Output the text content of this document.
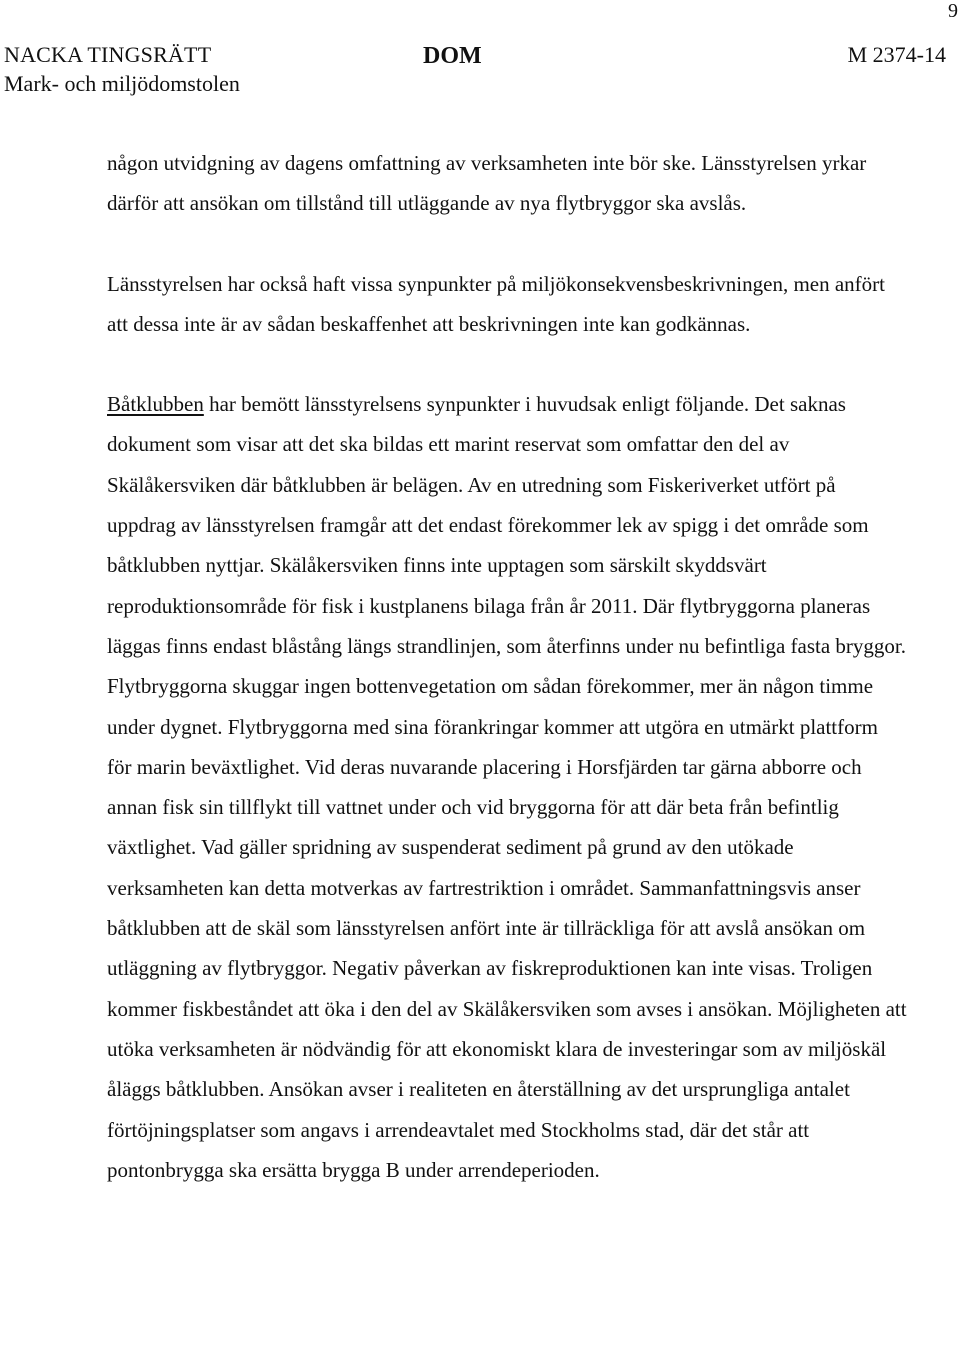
9
NACKA TINGSRÄTT
Mark- och miljödomstolen
DOM	M 2374-14

någon utvidgning av dagens omfattning av verksamheten inte bör ske. Länsstyrelsen yrkar därför att ansökan om tillstånd till utläggande av nya flytbryggor ska avslås.

Länsstyrelsen har också haft vissa synpunkter på miljökonsekvensbeskrivningen, men anfört att dessa inte är av sådan beskaffenhet att beskrivningen inte kan godkännas.

Båtklubben har bemött länsstyrelsens synpunkter i huvudsak enligt följande. Det saknas dokument som visar att det ska bildas ett marint reservat som omfattar den del av Skälåkersviken där båtklubben är belägen. Av en utredning som Fiskeriverket utfört på uppdrag av länsstyrelsen framgår att det endast förekommer lek av spigg i det område som båtklubben nyttjar. Skälåkersviken finns inte upptagen som särskilt skyddsvärt reproduktionsområde för fisk i kustplanens bilaga från år 2011. Där flytbryggorna planeras läggas finns endast blåstång längs strandlinjen, som återfinns under nu befintliga fasta bryggor. Flytbryggorna skuggar ingen bottenvegetation om sådan förekommer, mer än någon timme under dygnet. Flytbryggorna med sina förankringar kommer att utgöra en utmärkt plattform för marin beväxtlighet. Vid deras nuvarande placering i Horsfjärden tar gärna abborre och annan fisk sin tillflykt till vattnet under och vid bryggorna för att där beta från befintlig växtlighet. Vad gäller spridning av suspenderat sediment på grund av den utökade verksamheten kan detta motverkas av fartrestriktion i området. Sammanfattningsvis anser båtklubben att de skäl som länsstyrelsen anfört inte är tillräckliga för att avslå ansökan om utläggning av flytbryggor. Negativ påverkan av fiskreproduktionen kan inte visas. Troligen kommer fiskbeståndet att öka i den del av Skälåkersviken som avses i ansökan. Möjligheten att utöka verksamheten är nödvändig för att ekonomiskt klara de investeringar som av miljöskäl åläggs båtklubben. Ansökan avser i realiteten en återställning av det ursprungliga antalet förtöjningsplatser som angavs i arrendeavtalet med Stockholms stad, där det står att pontonbrygga ska ersätta brygga B under arrendeperioden.
